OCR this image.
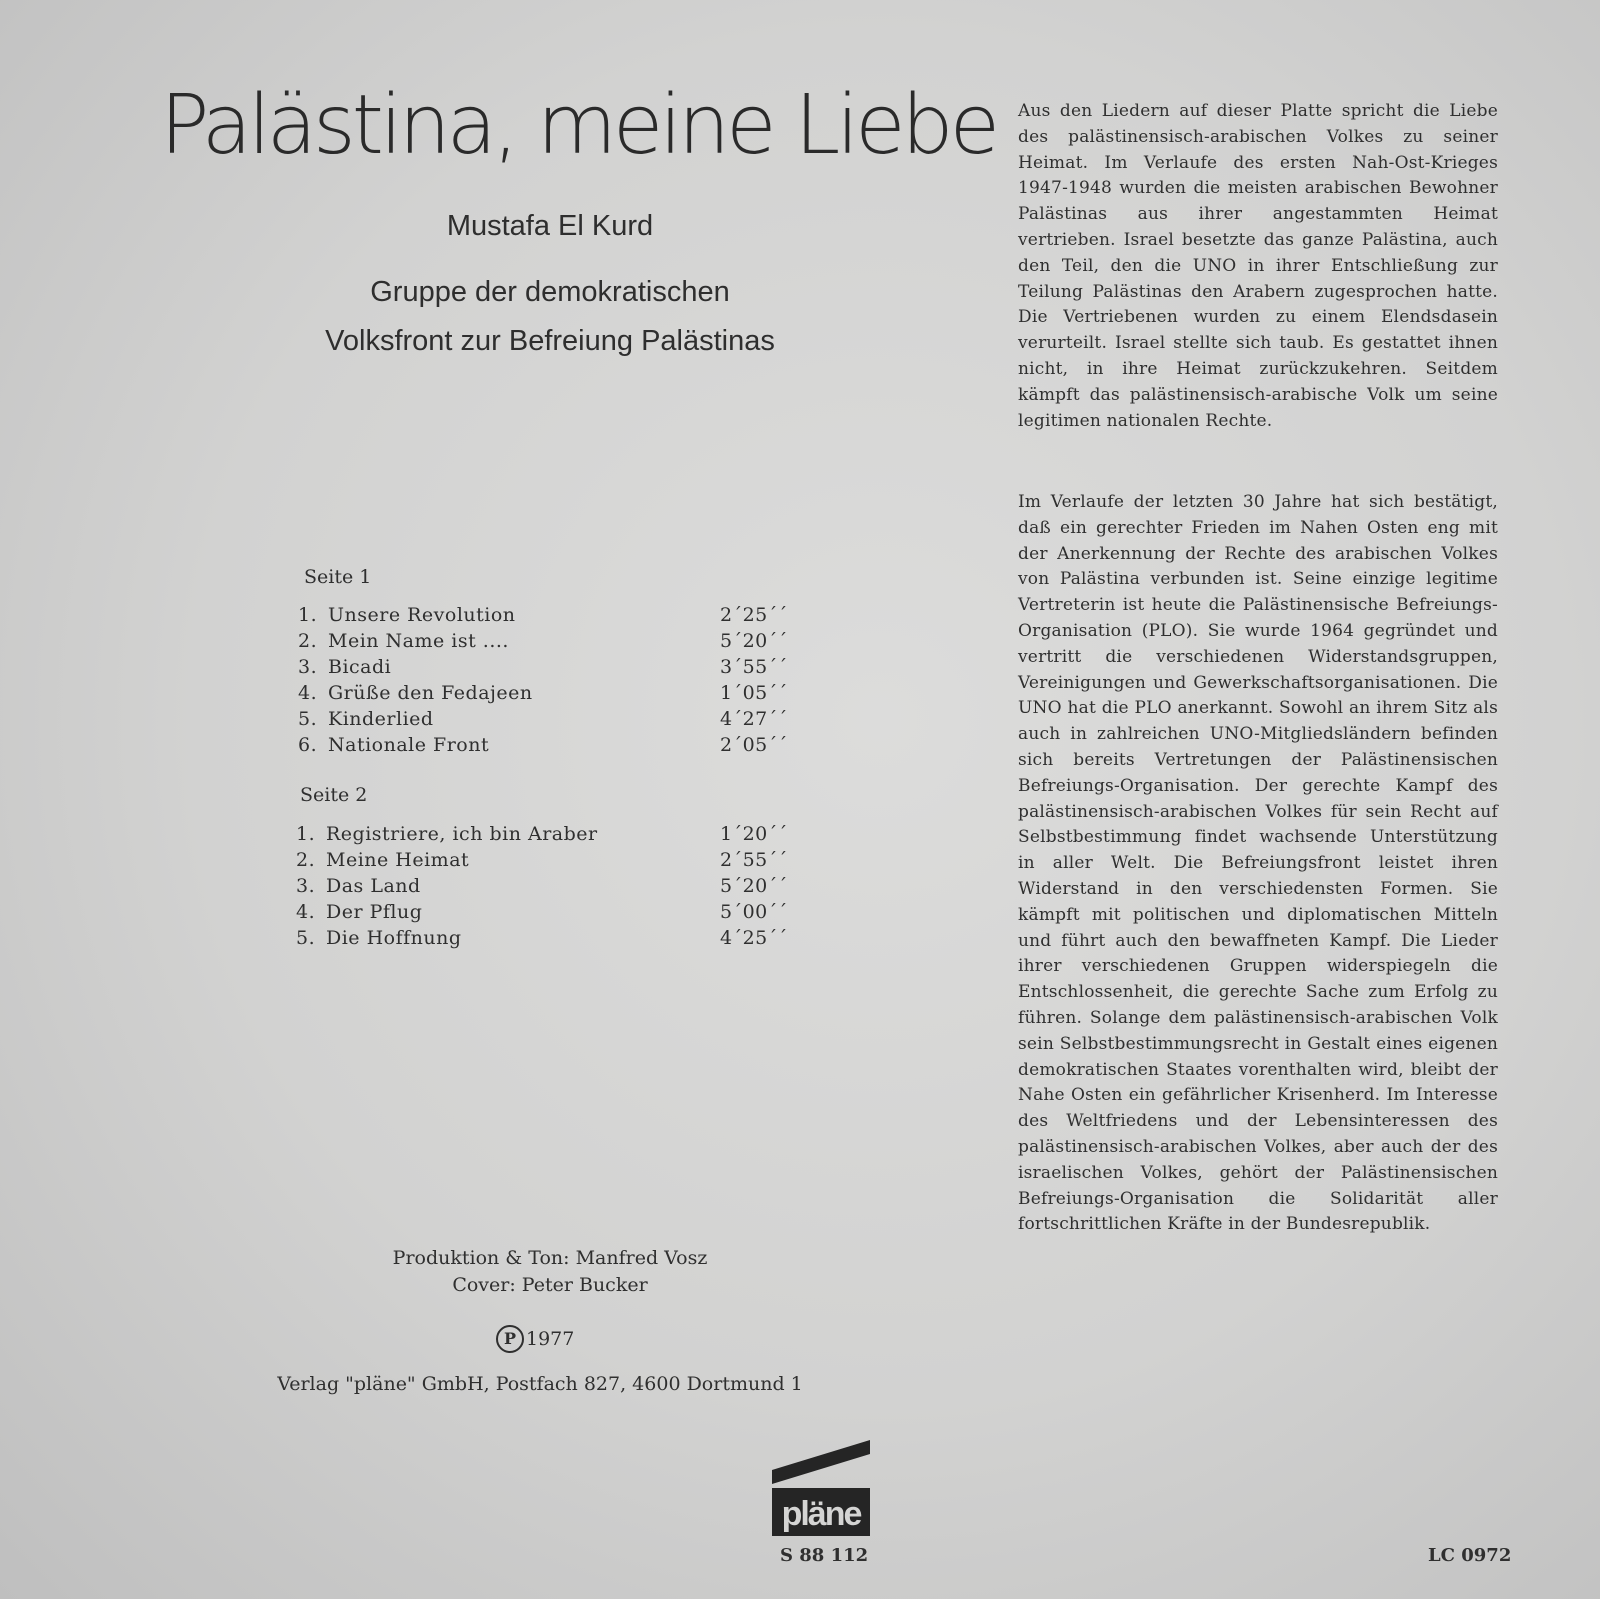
Palästina, meine Liebe
Mustafa El Kurd
Gruppe der demokratischen
Volksfront zur Befreiung Palästinas
Seite 1
1. Unsere Revolution	2´25´´
2. Mein Name ist ....	5´20´´
3. Bicadi	3´55´´
4. Grüße den Fedajeen	1´05´´
5. Kinderlied	4´27´´
6. Nationale Front	2´05´´
Seite 2
1. Registriere, ich bin Araber	1´20´´
2. Meine Heimat	2´55´´
3. Das Land	5´20´´
4. Der Pflug	5´00´´
5. Die Hoffnung	4´25´´
Produktion & Ton: Manfred Vosz
Cover: Peter Bucker
P 1977
Verlag "pläne" GmbH, Postfach 827, 4600 Dortmund 1
Aus den Liedern auf dieser Platte spricht die Liebe des palästinensisch-arabischen Volkes zu seiner Heimat. Im Verlaufe des ersten Nah-Ost-Krieges 1947-1948 wurden die meisten arabischen Bewohner Palästinas aus ihrer angestammten Heimat vertrieben. Israel besetzte das ganze Palästina, auch den Teil, den die UNO in ihrer Entschließung zur Teilung Palästinas den Arabern zugesprochen hatte. Die Vertriebenen wurden zu einem Elendsdasein verurteilt. Israel stellte sich taub. Es gestattet ihnen nicht, in ihre Heimat zurückzukehren. Seitdem kämpft das palästinensisch-arabische Volk um seine legitimen nationalen Rechte.
Im Verlaufe der letzten 30 Jahre hat sich bestätigt, daß ein gerechter Frieden im Nahen Osten eng mit der Anerkennung der Rechte des arabischen Volkes von Palästina verbunden ist. Seine einzige legitime Vertreterin ist heute die Palästinensische Befreiungs-Organisation (PLO). Sie wurde 1964 gegründet und vertritt die verschiedenen Widerstandsgruppen, Vereinigungen und Gewerkschaftsorganisationen. Die UNO hat die PLO anerkannt. Sowohl an ihrem Sitz als auch in zahlreichen UNO-Mitgliedsländern befinden sich bereits Vertretungen der Palästinensischen Befreiungs-Organisation. Der gerechte Kampf des palästinensisch-arabischen Volkes für sein Recht auf Selbstbestimmung findet wachsende Unterstützung in aller Welt. Die Befreiungsfront leistet ihren Widerstand in den verschiedensten Formen. Sie kämpft mit politischen und diplomatischen Mitteln und führt auch den bewaffneten Kampf. Die Lieder ihrer verschiedenen Gruppen widerspiegeln die Entschlossenheit, die gerechte Sache zum Erfolg zu führen. Solange dem palästinensisch-arabischen Volk sein Selbstbestimmungsrecht in Gestalt eines eigenen demokratischen Staates vorenthalten wird, bleibt der Nahe Osten ein gefährlicher Krisenherd. Im Interesse des Weltfriedens und der Lebensinteressen des palästinensisch-arabischen Volkes, aber auch der des israelischen Volkes, gehört der Palästinensischen Befreiungs-Organisation die Solidarität aller fortschrittlichen Kräfte in der Bundesrepublik.
pläne
S 88 112	LC 0972
